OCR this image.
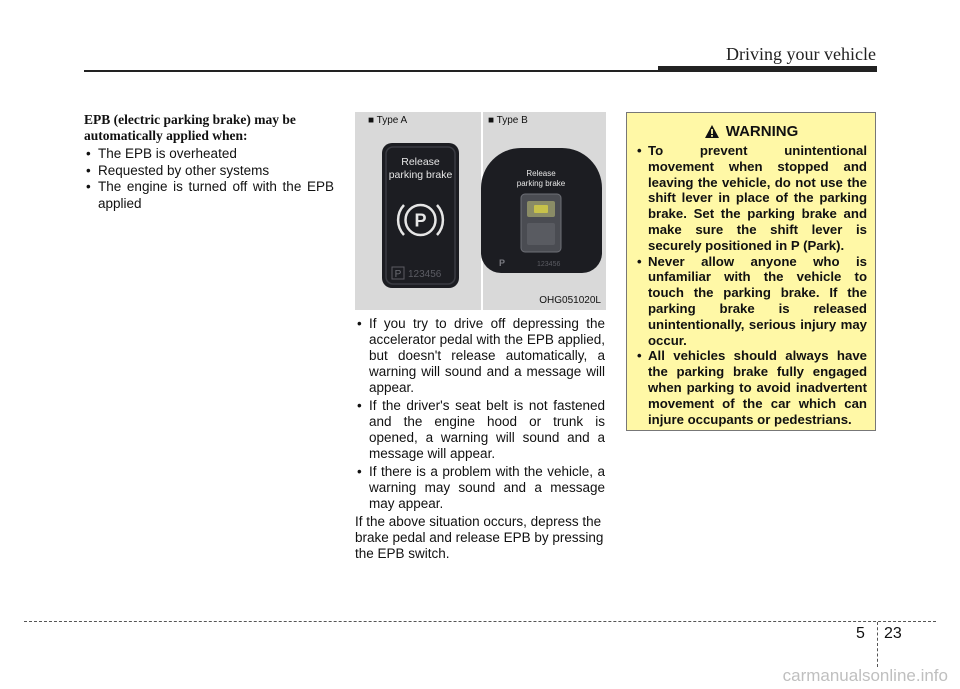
Driving your vehicle
EPB (electric parking brake) may be automatically applied when:
• The EPB is overheated
• Requested by other systems
• The engine is turned off with the EPB applied
■ Type A	■ Type B
Release
parking brake
P
P 123456
Release
parking brake
P	123456
OHG051020L
• If you try to drive off depressing the accelerator pedal with the EPB applied, but doesn't release automatically, a warning will sound and a message will appear.
• If the driver's seat belt is not fastened and the engine hood or trunk is opened, a warning will sound and a message will appear.
• If there is a problem with the vehicle, a warning may sound and a message may appear.

If the above situation occurs, depress the brake pedal and release EPB by pressing the EPB switch.

WARNING
• To prevent unintentional movement when stopped and leaving the vehicle, do not use the shift lever in place of the parking brake. Set the parking brake and make sure the shift lever is securely positioned in P (Park).
• Never allow anyone who is unfamiliar with the vehicle to touch the parking brake. If the parking brake is released unintentionally, serious injury may occur.
• All vehicles should always have the parking brake fully engaged when parking to avoid inadvertent movement of the car which can injure occupants or pedestrians.
5 23
carmanualsonline.info
